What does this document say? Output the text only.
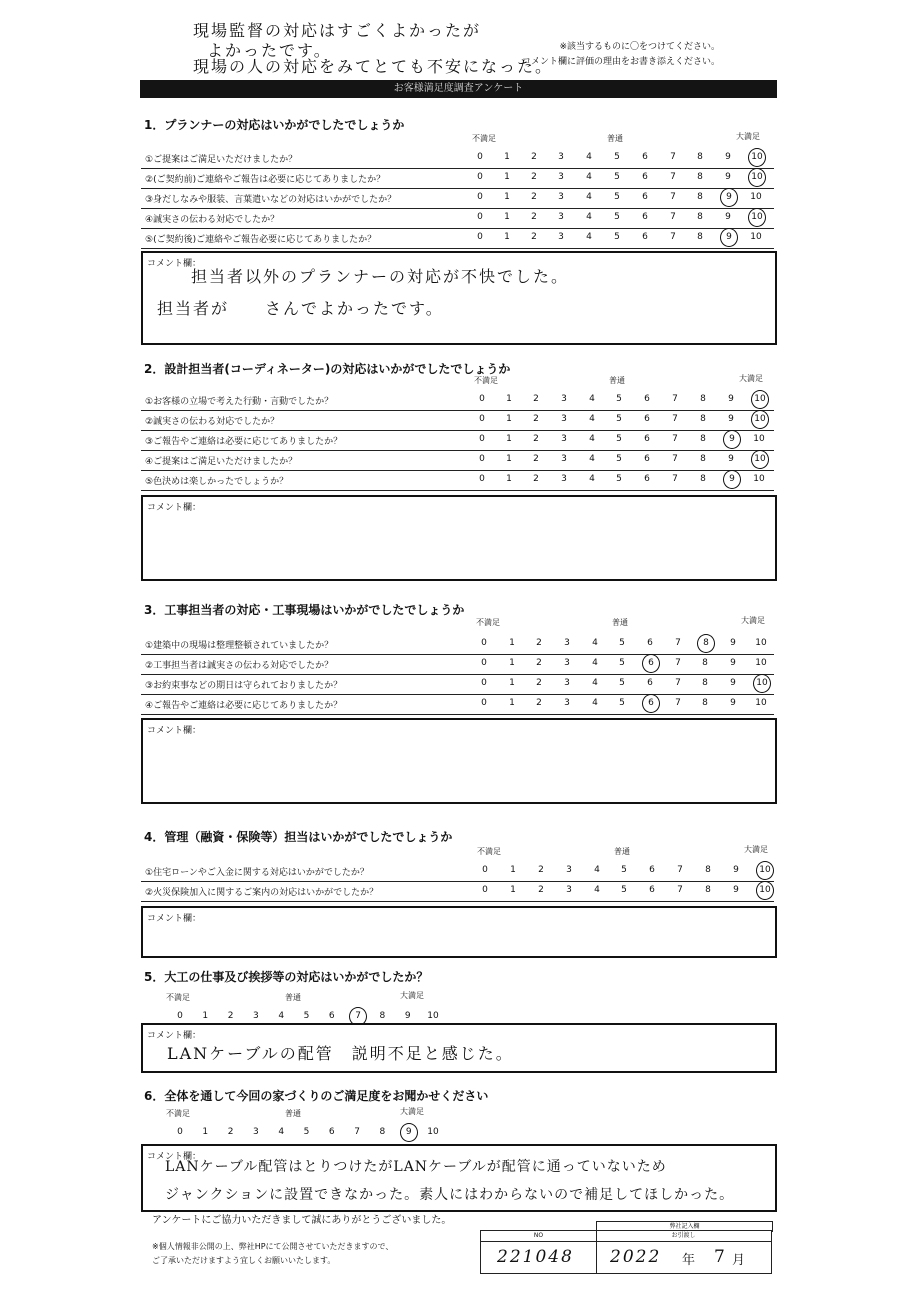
※該当するものに〇をつけてください。
コメント欄に評価の理由をお書き添えください。
お客様満足度調査アンケート
1．プランナーの対応はいかがでしたでしょうか
不満足	普通	大満足
①ご提案はご満足いただけましたか？	0	1	2	3	4	5	6	7	8	9	10
②(ご契約前)ご連絡やご報告は必要に応じてありましたか？	0	1	2	3	4	5	6	7	8	9	10
③身だしなみや服装、言葉遣いなどの対応はいかがでしたか？	0	1	2	3	4	5	6	7	8	9	10
④誠実さの伝わる対応でしたか？	0	1	2	3	4	5	6	7	8	9	10
⑤(ご契約後)ご連絡やご報告必要に応じてありましたか？	0	1	2	3	4	5	6	7	8	9	10
コメント欄：
担当者以外のプランナーの対応が不快でした。
担当者が　　さんでよかったです。
2．設計担当者(コーディネーター)の対応はいかがでしたでしょうか
不満足	普通	大満足
①お客様の立場で考えた行動・言動でしたか？	0	1	2	3	4	5	6	7	8	9	10
②誠実さの伝わる対応でしたか？	0	1	2	3	4	5	6	7	8	9	10
③ご報告やご連絡は必要に応じてありましたか？	0	1	2	3	4	5	6	7	8	9	10
④ご提案はご満足いただけましたか？	0	1	2	3	4	5	6	7	8	9	10
⑤色決めは楽しかったでしょうか？	0	1	2	3	4	5	6	7	8	9	10
コメント欄：
よかったです。
3．工事担当者の対応・工事現場はいかがでしたでしょうか
不満足	普通	大満足
①建築中の現場は整理整頓されていましたか？	0	1	2	3	4	5	6	7	8	9	10
②工事担当者は誠実さの伝わる対応でしたか？	0	1	2	3	4	5	6	7	8	9	10
③お約束事などの期日は守られておりましたか？	0	1	2	3	4	5	6	7	8	9	10
④ご報告やご連絡は必要に応じてありましたか？	0	1	2	3	4	5	6	7	8	9	10
コメント欄：
現場監督の対応はすごくよかったが
現場の人の対応をみてとても不安になった。
4．管理（融資・保険等）担当はいかがでしたでしょうか
不満足	普通	大満足
①住宅ローンやご入金に関する対応はいかがでしたか？	0	1	2	3	4	5	6	7	8	9	10
②火災保険加入に関するご案内の対応はいかがでしたか？	0	1	2	3	4	5	6	7	8	9	10
コメント欄：
5．大工の仕事及び挨拶等の対応はいかがでしたか？
不満足	普通	大満足
0	1	2	3	4	5	6	7	8	9	10
コメント欄：
LANケーブルの配管　説明不足と感じた。
6．全体を通して今回の家づくりのご満足度をお聞かせください
不満足	普通	大満足
0	1	2	3	4	5	6	7	8	9	10
コメント欄：
LANケーブル配管はとりつけたがLANケーブルが配管に通っていないため
ジャンクションに設置できなかった。素人にはわからないので補足してほしかった。
アンケートにご協力いただきまして誠にありがとうございました。
※個人情報非公開の上、弊社HPにて公開させていただきますので、
ご了承いただけますよう宜しくお願いいたします。
弊社記入欄
NO	お引渡し
221048 2022 年 7 月
